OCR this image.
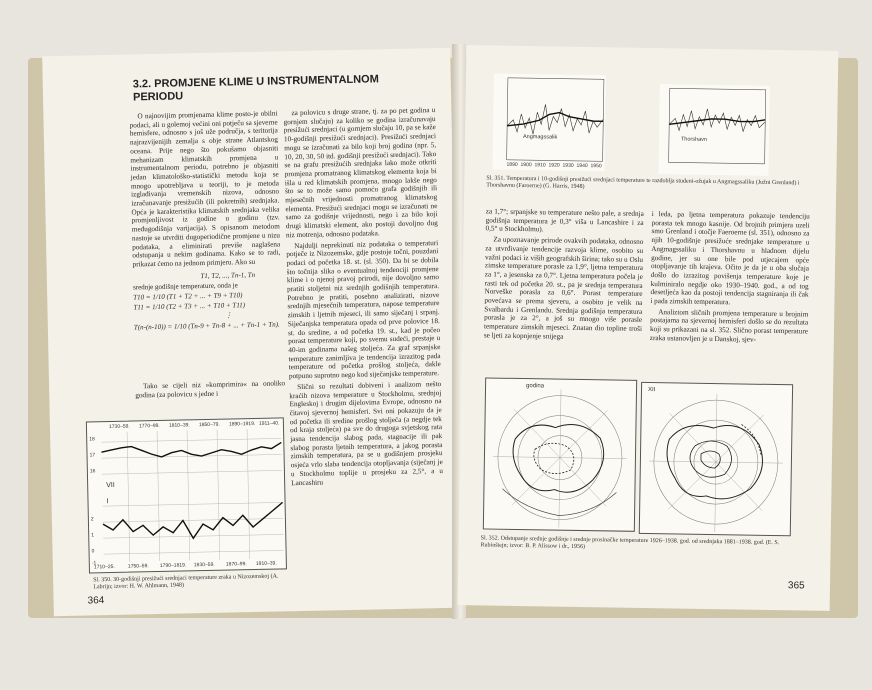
3.2. PROMJENE KLIME U INSTRUMENTALNOM PERIODU

O najnovijim promjenama klime posto-je obilni podaci, ali u golemoj većini oni potječu sa sjeverne hemisfere, odnosno s još uže područja, s teritorija najrazvijenijih zemalja s obje strane Atlantskog oceana. Prije nego što pokušamo objasniti mehanizam klimatskih promjena u instrumentalnom periodu, potrebno je objasniti jedan klimatološko-statistički metodu koja se mnogo upotrebljava u teoriji, to je metoda izglađivanja vremenskih nizova, odnosno izračunavanje presižućih (ili pokretnih) srednjaka. Opća je karakteristika klimatskih srednjaka velika promjenljivost iz godine u godinu (tzv. međugodišnja varijacija). S opisanom metodom nastoje se utvrditi dugoperiodične promjene u nizu podataka, a eliminirati previše naglašena odstupanja u nekim godinama. Kako se to radi, prikazat ćemo na jednom primjeru. Ako su

T1, T2, ..., Tn-1, Tn
srednje godišnje temperature, onda je
T10 = 1/10 (T1 + T2 + ... + T9 + T10)
T11 = 1/10 (T2 + T3 + ... + T10 + T11)
⋮
T(n-(n-10)) = 1/10 (Tn-9 + Tn-8 + ... + Tn-1 + Tn).

Tako se cijeli niz »komprimira« na onoliko godina (za polovicu s jedne i

za polovicu s druge strane, tj. za po pet godina u gornjem slučaju) za koliko se godina izračunavaju presižući srednjaci (u gornjem slučaju 10, pa se kaže 10-godišnji presižući srednjaci). Presižući srednjaci mogu se izračunati za bilo koji broj godina (npr. 5, 10, 20, 30, 50 itd. godišnji presižući srednjaci). Tako se na grafu presižućih srednjaka lako može otkriti promjena promatranog klimatskog elementa koja bi išla u red klimatskih promjena, mnogo lakše nego što se to može samo pomoću grafa godišnjih ili mjesečnih vrijednosti promatranog klimatskog elementa. Presižući srednjaci mogu se izračunati ne samo za godišnje vrijednosti, nego i za bilo koji drugi klimatski element, ako postoji dovoljno dug niz motrenja, odnosno podataka.

Najdulji neprekinuti niz podataka o temperaturi potječe iz Nizozemske, gdje postoje točni, pouzdani podaci od početka 18. st. (sl. 350). Da bi se dobila što točnija slika o eventualnoj tendenciji promjene klime i o njenoj pravoj prirodi, nije dovoljno samo pratiti stoljetni niz srednjih godišnjih temperatura. Potrebno je pratiti, posebno analizirati, nizove srednjih mjesečnih temperatura, napose temperature zimskih i ljetnih mjeseci, ili samo siječanj i srpanj. Siječanjska temperatura opada od prve polovice 18. st. do sredine, a od početka 19. st., kad je počeo porast temperature koji, po svemu sudeći, prestaje u 40-im godinama našeg stoljeća. Za graf srpanjske temperature zanimljiva je tendencija izrazitog pada temperature od početka prošlog stoljeća, dakle potpuno suprotno nego kod siječanjske temperature.

Slični su rezultati dobiveni i analizom nešto kraćih nizova temperature u Stockholmu, srednjoj Engleskoj i drugim dijelovima Evrope, odnosno na čitavoj sjevernoj hemisferi. Svi oni pokazuju da je od početka ili sredine prošlog stoljeća (a negdje tek od kraja stoljeća) pa sve do drugoga svjetskog rata jasna tendencija slabog pada, stagnacije ili pak slabog porasta ljetnih temperatura, a jakog porasta zimskih temperatura, pa se u godišnjem prosjeku osjeća vrlo slaba tendencija otopljavanja (siječanj je u Stockholmu toplije u prosjeku za 2,5°, a u Lancashiru

18
17
16
2
1
0
-1
VII
I
1730–59. 1770–99. 1810–39. 1850–79. 1890–1919. 1911–40.
1710–25.	1750–59. 1790–1819. 1830–59. 1870–99. 1910–39.
Sl. 350. 30-godišnji presižući srednjaci temperature zraka u Nizozemskoj (A. Labrijn; izvor: H. W. Ahlmann, 1948)
364
Angmagssalik
1890 1900 1910 1920 1930 1940 1950
Thorshavn
Sl. 351. Temperatura i 10-godišnji presižući srednjaci temperature te razdoblja studeni-ožujak u Angmagssaliku (Južni Grenland) i Thorshavnu (Faroerne) (G. Harris, 1948)

za 1,7°; srpanjske su temperature nešto pale, a srednja godišnja temperatura je 0,3° viša u Lancashire i za 0,5° u Stockholmu).

Za upoznavanje prirode ovakvih podataka, odnosno za utvrđivanje tendencije razvoja klime, osobito su važni podaci iz viših geografskih širina; tako su u Oslu zimske temperature porasle za 1,9°, ljetna temperatura za 1°, a jesenska za 0,7°. Ljetna temperatura počela je rasti tek od početka 20. st., pa je srednja temperatura Norveške porasla za 0,6°. Porast temperature povećava se prema sjeveru, a osobito je velik na Svalbardu i Grenlandu. Srednja godišnja temperatura porasla je za 2°, a još su mnogo više porasle temperature zimskih mjeseci. Znatan dio topline troši se ljeti za kopnjenje snijega

i leda, pa ljetna temperatura pokazuje tendenciju porasta tek mnogo kasnije. Od brojnih primjera uzeli smo Grenland i otočje Faeroerne (sl. 351), odnosno za njih 10-godišnje presižuće srednjake temperature u Angmagssaliku i Thorshavnu u hladnom dijelu godine, jer su one bile pod utjecajem opće otopljavanje tih krajeva. Očito je da je u oba slučaja došlo do izrazitog povišenja temperature koje je kulminiralo negdje oko 1930–1940. god., a od tog desetljeća kao da postoji tendencija stagniranja ili čak i pada zimskih temperatura.

Analiztom sličnih promjena temperature u brojnim postajama na sjevernoj hemisferi došlo se do rezultata koji su prikazani na sl. 352. Slično porast temperature zraka ustanovljen je u Danskoj, sjev-

godina
XII
Sl. 352. Odstupanje srednje godišnje i srednje prosinačke temperature 1926–1938. god. od srednjaka 1881–1938. god. (E. S. Rubinštejn; izvor: B. P. Alissow i dr., 1956)
365
